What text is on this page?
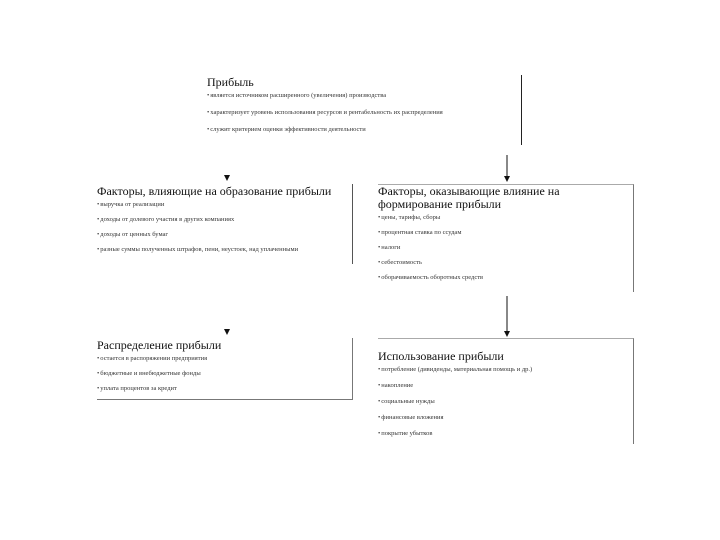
Прибыль
• является источником расширенного (увеличения) производства
• характеризует уровень использования ресурсов и рентабельность их распределения
• служит критерием оценки эффективности деятельности
Факторы, влияющие на образование прибыли
• выручка от реализации
• доходы от долевого участия в других компаниях
• доходы от ценных бумаг
• разные суммы полученных штрафов, пени, неустоек, над уплаченными
Факторы, оказывающие влияние на формирование прибыли
• цены, тарифы, сборы
• процентная ставка по ссудам
• налоги
• себестоимость
• оборачиваемость оборотных средств
Распределение прибыли
• остается в распоряжении предприятия
• бюджетные и внебюджетные фонды
• уплата процентов за кредит
Использование прибыли
• потребление (дивиденды, материальная помощь и др.)
• накопление
• социальные нужды
• финансовые вложения
• покрытие убытков
